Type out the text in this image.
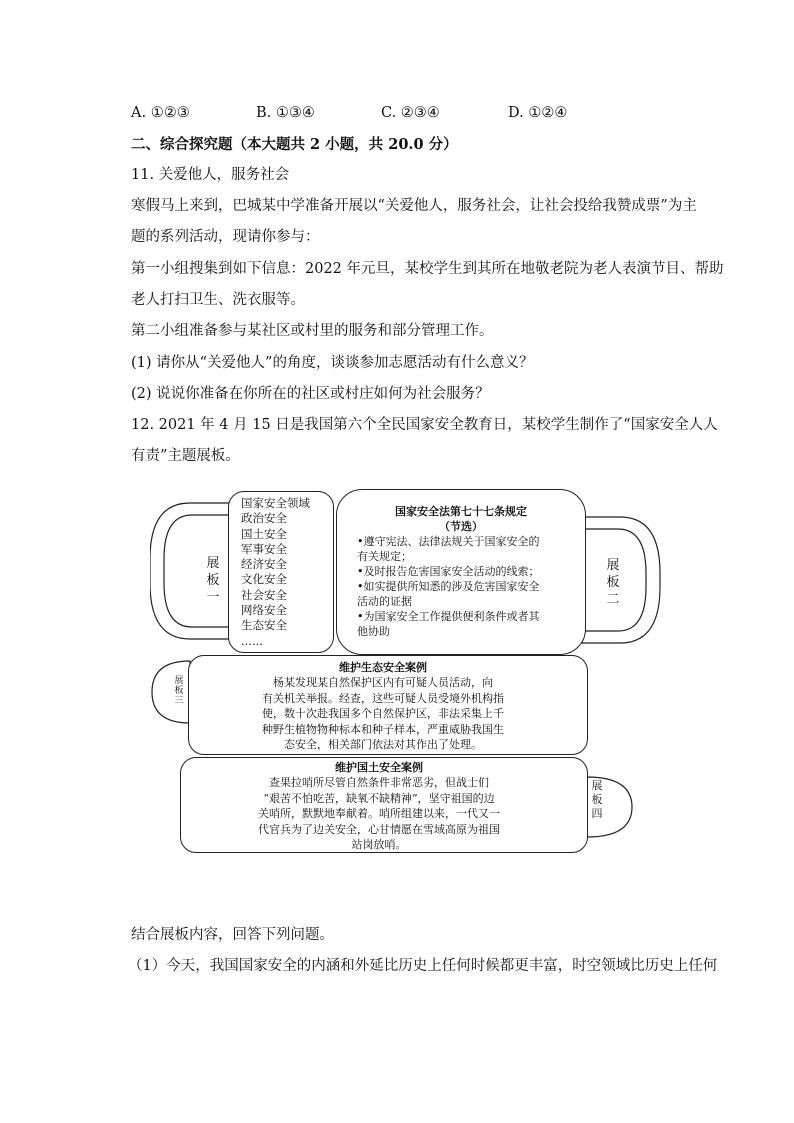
A. ①②③	B. ①③④	C. ②③④	D. ①②④
二、综合探究题（本大题共 2 小题，共 20.0 分）
11. 关爱他人，服务社会
寒假马上来到，巴城某中学准备开展以“关爱他人，服务社会，让社会投给我赞成票”为主
题的系列活动，现请你参与：
第一小组搜集到如下信息：2022 年元旦，某校学生到其所在地敬老院为老人表演节目、帮助
老人打扫卫生、洗衣服等。
第二小组准备参与某社区或村里的服务和部分管理工作。
(1) 请你从“关爱他人”的角度，谈谈参加志愿活动有什么意义？
(2) 说说你准备在你所在的社区或村庄如何为社会服务？
12. 2021 年 4 月 15 日是我国第六个全民国家安全教育日，某校学生制作了“国家安全人人
有责”主题展板。
展
板
一
展
板
二
展
板
三
展
板
四
国家安全领域
政治安全
国土安全
军事安全
经济安全
文化安全
社会安全
网络安全
生态安全
......
国家安全法第七十七条规定
（节选）
•遵守宪法、法律法规关于国家安全的
有关规定；
•及时报告危害国家安全活动的线索；
•如实提供所知悉的涉及危害国家安全
活动的证据
•为国家安全工作提供便利条件或者其
他协助
维护生态安全案例
杨某发现某自然保护区内有可疑人员活动，向
有关机关举报。经查，这些可疑人员受境外机构指
使，数十次赴我国多个自然保护区，非法采集上千
种野生植物物种标本和种子样本，严重威胁我国生
态安全，相关部门依法对其作出了处理。
维护国土安全案例
查果拉哨所尽管自然条件非常恶劣，但战士们
“艰苦不怕吃苦，缺氧不缺精神”，坚守祖国的边
关哨所，默默地奉献着。哨所组建以来，一代又一
代官兵为了边关安全，心甘情愿在雪域高原为祖国
站岗放哨。
结合展板内容，回答下列问题。
（1）今天，我国国家安全的内涵和外延比历史上任何时候都更丰富，时空领域比历史上任何
